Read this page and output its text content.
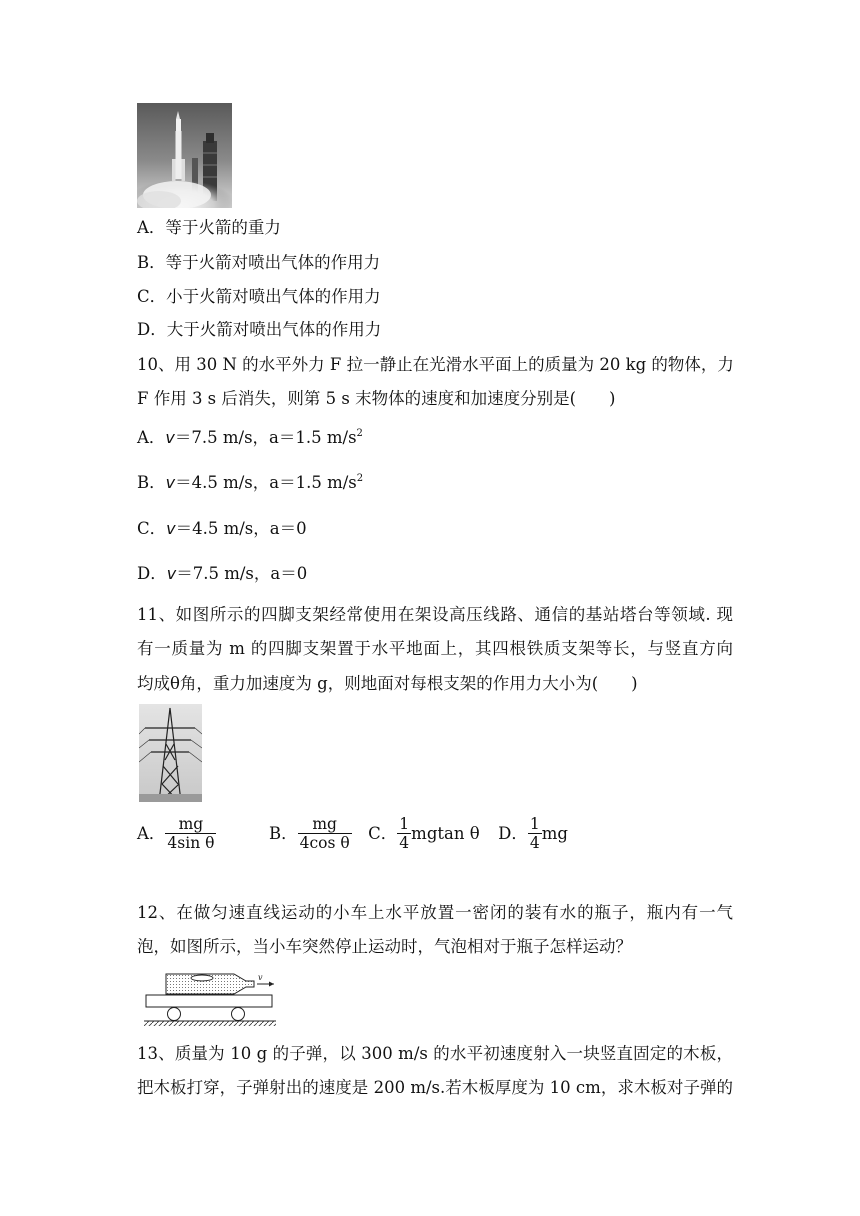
A．等于火箭的重力
B．等于火箭对喷出气体的作用力
C．小于火箭对喷出气体的作用力
D．大于火箭对喷出气体的作用力
10、用 30 N 的水平外力 F 拉一静止在光滑水平面上的质量为 20 kg 的物体，力
F 作用 3 s 后消失，则第 5 s 末物体的速度和加速度分别是(　　)
A．v＝7.5 m/s，a＝1.5 $m/s^2$
B．v＝4.5 m/s，a＝1.5 $m/s^2$
C．v＝4.5 m/s，a＝0
D．v＝7.5 m/s，a＝0
11、如图所示的四脚支架经常使用在架设高压线路、通信的基站塔台等领域. 现
有一质量为 m 的四脚支架置于水平地面上，其四根铁质支架等长，与竖直方向
均成θ角，重力加速度为 g，则地面对每根支架的作用力大小为(　　)
A． $\frac{mg}{\text{4sin θ}}$	B． $\frac{mg}{\text{4cos θ}}$ C． $\frac{1}{4}$ mgtan θ D． $\frac{1}{4}$ mg
12、在做匀速直线运动的小车上水平放置一密闭的装有水的瓶子，瓶内有一气
泡，如图所示，当小车突然停止运动时，气泡相对于瓶子怎样运动？
v
13、质量为 10 g 的子弹，以 300 m/s 的水平初速度射入一块竖直固定的木板，
把木板打穿，子弹射出的速度是 200 m/s.若木板厚度为 10 cm，求木板对子弹的
